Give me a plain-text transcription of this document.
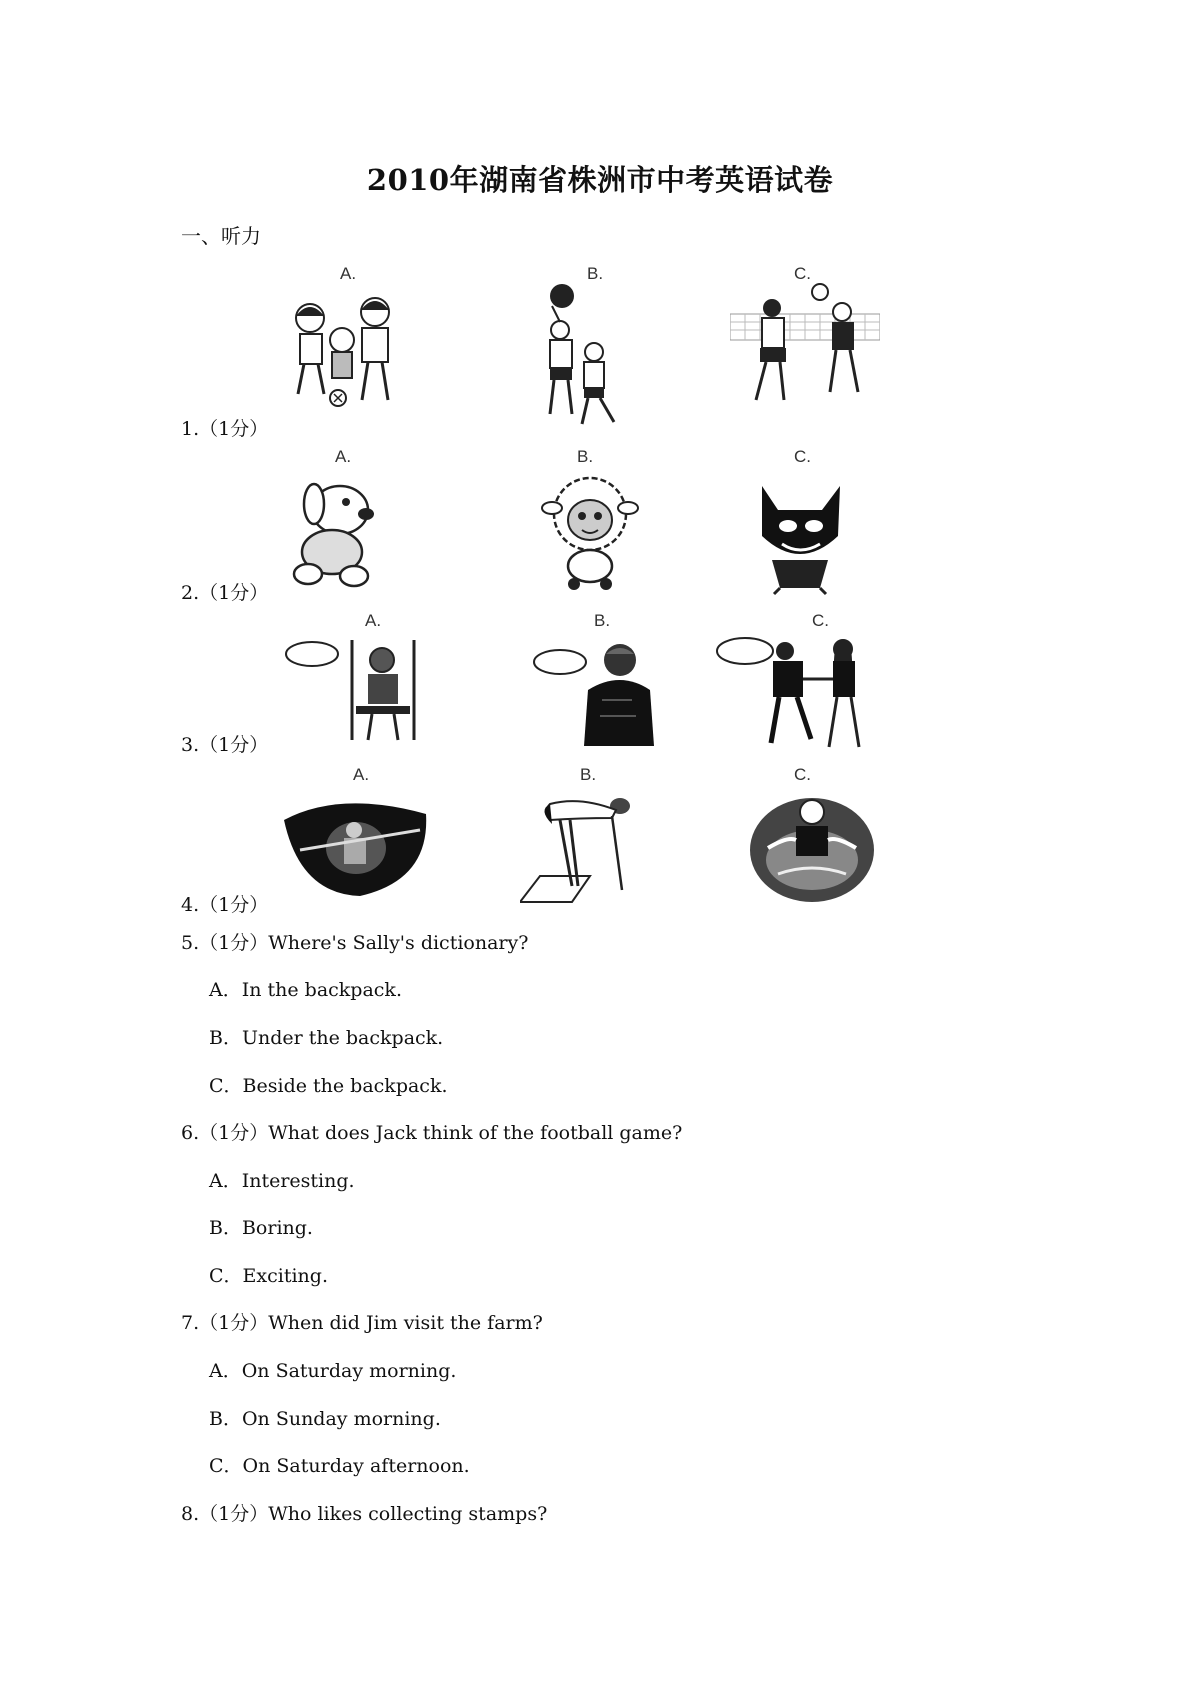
2010年湖南省株洲市中考英语试卷
一、听力
1.（1分）
A.	B.	C.
2.（1分）
A.	B.	C.
3.（1分）
A.	B.	C.
4.（1分）
A.	B.	C.
5.（1分）Where's Sally's dictionary?
A．In the backpack.
B．Under the backpack.
C．Beside the backpack.
6.（1分）What does Jack think of the football game?
A．Interesting.
B．Boring.
C．Exciting.
7.（1分）When did Jim visit the farm?
A．On Saturday morning.
B．On Sunday morning.
C．On Saturday afternoon.
8.（1分）Who likes collecting stamps?
